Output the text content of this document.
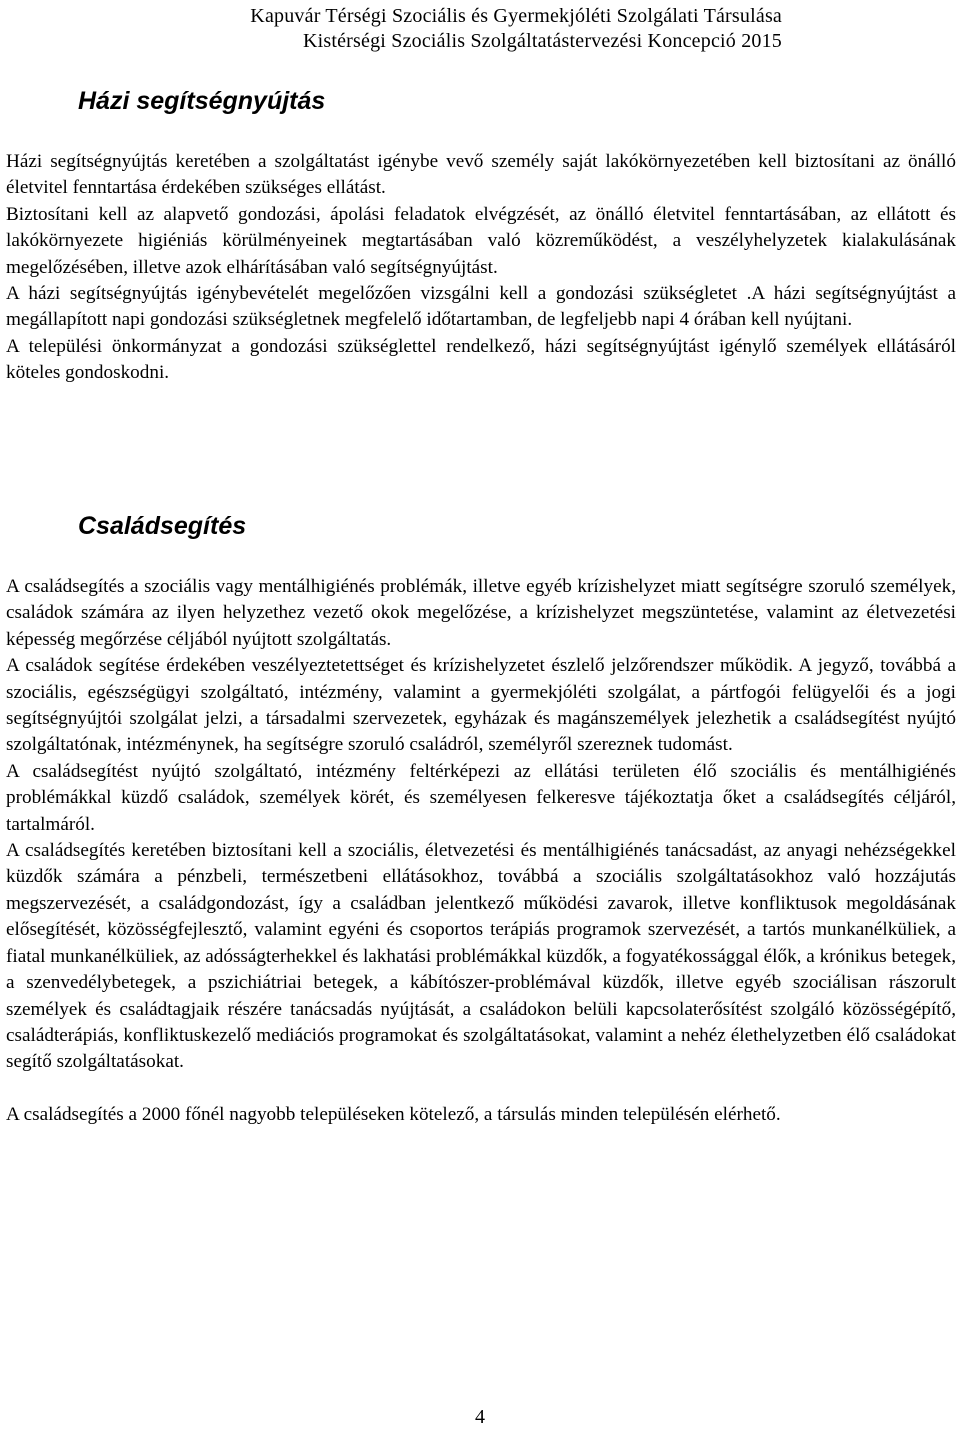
Kapuvár Térségi Szociális és Gyermekjóléti Szolgálati Társulása
Kistérségi Szociális Szolgáltatástervezési Koncepció 2015
Házi segítségnyújtás

Házi segítségnyújtás keretében a szolgáltatást igénybe vevő személy saját lakókörnyezetében kell biztosítani az önálló életvitel fenntartása érdekében szükséges ellátást.

Biztosítani kell az alapvető gondozási, ápolási feladatok elvégzését, az önálló életvitel fenntartásában, az ellátott és lakókörnyezete higiéniás körülményeinek megtartásában való közreműködést, a veszélyhelyzetek kialakulásának megelőzésében, illetve azok elhárításában való segítségnyújtást.

A házi segítségnyújtás igénybevételét megelőzően vizsgálni kell a gondozási szükségletet .A házi segítségnyújtást a megállapított napi gondozási szükségletnek megfelelő időtartamban, de legfeljebb napi 4 órában kell nyújtani.

A települési önkormányzat a gondozási szükséglettel rendelkező, házi segítségnyújtást igénylő személyek ellátásáról köteles gondoskodni.

Családsegítés

A családsegítés a szociális vagy mentálhigiénés problémák, illetve egyéb krízishelyzet miatt segítségre szoruló személyek, családok számára az ilyen helyzethez vezető okok megelőzése, a krízishelyzet megszüntetése, valamint az életvezetési képesség megőrzése céljából nyújtott szolgáltatás.

A családok segítése érdekében veszélyeztetettséget és krízishelyzetet észlelő jelzőrendszer működik. A jegyző, továbbá a szociális, egészségügyi szolgáltató, intézmény, valamint a gyermekjóléti szolgálat, a pártfogói felügyelői és a jogi segítségnyújtói szolgálat jelzi, a társadalmi szervezetek, egyházak és magánszemélyek jelezhetik a családsegítést nyújtó szolgáltatónak, intézménynek, ha segítségre szoruló családról, személyről szereznek tudomást.

A családsegítést nyújtó szolgáltató, intézmény feltérképezi az ellátási területen élő szociális és mentálhigiénés problémákkal küzdő családok, személyek körét, és személyesen felkeresve tájékoztatja őket a családsegítés céljáról, tartalmáról.

A családsegítés keretében biztosítani kell a szociális, életvezetési és mentálhigiénés tanácsadást, az anyagi nehézségekkel küzdők számára a pénzbeli, természetbeni ellátásokhoz, továbbá a szociális szolgáltatásokhoz való hozzájutás megszervezését, a családgondozást, így a családban jelentkező működési zavarok, illetve konfliktusok megoldásának elősegítését, közösségfejlesztő, valamint egyéni és csoportos terápiás programok szervezését, a tartós munkanélküliek, a fiatal munkanélküliek, az adósságterhekkel és lakhatási problémákkal küzdők, a fogyatékossággal élők, a krónikus betegek, a szenvedélybetegek, a pszichiátriai betegek, a kábítószer-problémával küzdők, illetve egyéb szociálisan rászorult személyek és családtagjaik részére tanácsadás nyújtását, a családokon belüli kapcsolaterősítést szolgáló közösségépítő, családterápiás, konfliktuskezelő mediációs programokat és szolgáltatásokat, valamint a nehéz élethelyzetben élő családokat segítő szolgáltatásokat.

A családsegítés a 2000 főnél nagyobb településeken kötelező, a társulás minden településén elérhető.

4
